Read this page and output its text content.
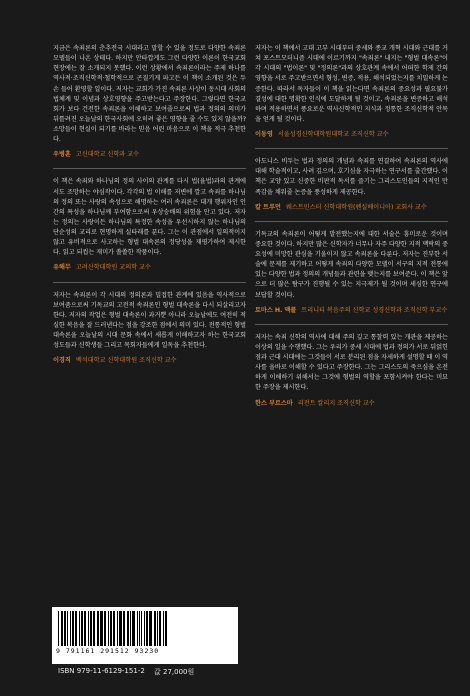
지금은 속죄론의 춘추전국 시대라고 말할 수 있을 정도로 다양한 속죄론 모델들이 나온 상태다. 하지만 안타깝게도 그런 다양한 이론이 한국교회 현장에는 잘 소개되지 못했다. 이런 상황에서 속죄론이라는 주제 하나를 역사적·조직신학적·철학적으로 곤질기게 파고든 이 책이 소개된 것은 두 손 들어 환영할 일이다. 저자는 교회가 가진 속죄론 사상이 동시대 사회의 법체계 및 이념과 상호영향을 주고받는다고 주장한다. 그렇다면 한국교회가 보다 건전한 속죄론을 이해하고 보여줄으로써 법과 정의의 의미가 뒤틀려진 오늘날의 한국사회에 오히려 좋은 영향을 줄 수도 있지 않을까? 소망들이 현실이 되기를 바라는 믿음 어린 마음으로 이 책을 적극 추천한다.

우병훈 고신대학교 신학과 교수

이 책은 속죄와 하나님의 정의 사이의 관계를 다시 법(율법)과의 관계에서도 조망하는 야심작이다. 각각의 법 이해를 저변에 깔고 속죄를 하나님의 정의 또는 사랑의 속성으로 해명하는 여러 속죄론은 대개 행위자인 인간의 특성을 하나님께 부여함으로써 우상숭배의 위험을 안고 있다. 저자는 정의는 사랑이든 하나님의 특정한 속성을 우선시하지 않는 하나님의 단순성의 교리로 현명하게 실타래를 푼다. 그는 이 관점에서 일의적이지 않고 유비적으로 사고하는 형벌 대속론의 정당성을 재평가하여 제시한다. 읽고 되씹는 재미가 쏠쏠한 작품이다.

유해무 고려신학대학원 교의학 교수

저자는 속죄론이 각 시대의 정의론과 밀접한 관계에 있음을 역사적으로 보여줌으로써 기독교의 고전적 속죄론인 형벌 대속론을 다시 되살리고자 한다. 저자의 작업은 형벌 대속론이 과거뿐 아니라 오늘날에도 여전히 적실한 복음을 잘 드러낸다는 점을 강조한 점에서 의미 있다. 전통적인 형벌 대속론을 오늘날의 시대 문화 속에서 새롭게 이해하고자 하는 한국교회 성도들과 신학생들 그리고 목회자들에게 일독을 추천한다.

이경직 백석대학교 신학대학원 조직신학 교수

저자는 이 책에서 고대 고부 시대부터 중세와 종교 개혁 시대와 근대를 거쳐 포스트모더니즘 시대에 이르기까지 "속죄론" 내지는 "형벌 대속론"이 각 시대의 "법이론" 및 "정의론"과의 상호관계 속에서 어떠한 학제 간의 영향을 서로 주고받으면서 형성, 변증, 적용, 해석되었는지를 치밀하게 논증한다. 따라서 독자들이 이 책을 읽는다면 속죄론의 중요성과 필요불가결성에 대한 명확한 인식에 도달하게 될 것이고, 속죄론을 변증하고 해석하며 적용하면서 풍요로운 역사신학적인 지식과 정통한 조직신학적 안목을 얻게 될 것이다.

이동영 서울성경신학대학원대학교 조직신학 교수

아도니스 비두는 법과 정의의 개념과 속죄를 연결하여 속죄론의 역사에 대해 학술적이고, 사려 깊으며, 호기심을 자극하는 연구서를 출간했다. 이 책은 교양 있고 신중한 비판적 독서를 즐기는 그리스도인들의 지적인 만족감을 채워줄 논증을 풍성하게 제공한다.

칼 트루먼 웨스트민스터 신학대학원(펜실베이니아) 교회사 교수

기독교의 속죄론이 어떻게 발전했는지에 대한 서술은 흥미로운 것이며 중요한 것이다. 하지만 많은 신학자가 너무나 자주 다양한 지적 맥락의 중요성에 미망한 관심을 기울이지 않고 속죄론을 다룬다. 저자는 진부한 서술에 문제를 제기하고 어떻게 속죄의 다양한 모델이 서구의 지적 전통에 있는 다양한 법과 정의의 개념들과 관련을 맺는지를 보여준다. 이 책은 앞으로 더 많은 탐구가 진행될 수 있는 지극제가 될 것이며 세심한 연구에 보답할 것이다.

토마스 H. 맥콜 트리니티 복음주의 신학교 성경신학과 조직신학 부교수

저자는 속죄 신학의 역사에 대해 주의 깊고 통찰력 있는 개관을 제공하는 이상의 일을 수행했다. 그는 우리가 중세 시대에 법과 정의가 서로 뒤얽힌 점과 근대 시대에는 그것들이 서로 분리된 점을 자세하게 설명할 때 이 역사를 올바로 이해할 수 있다고 주장한다. 그는 그리스도의 죽으심을 온전하게 이해하기 위해서는 그것에 형벌의 역할을 포함시켜야 한다는 미묘한 주장을 제시한다.

한스 부르스마 리전트 칼리지 조직신학 교수
9 791161 291512 93230
ISBN 979-11-6129-151-2 값 27,000원
